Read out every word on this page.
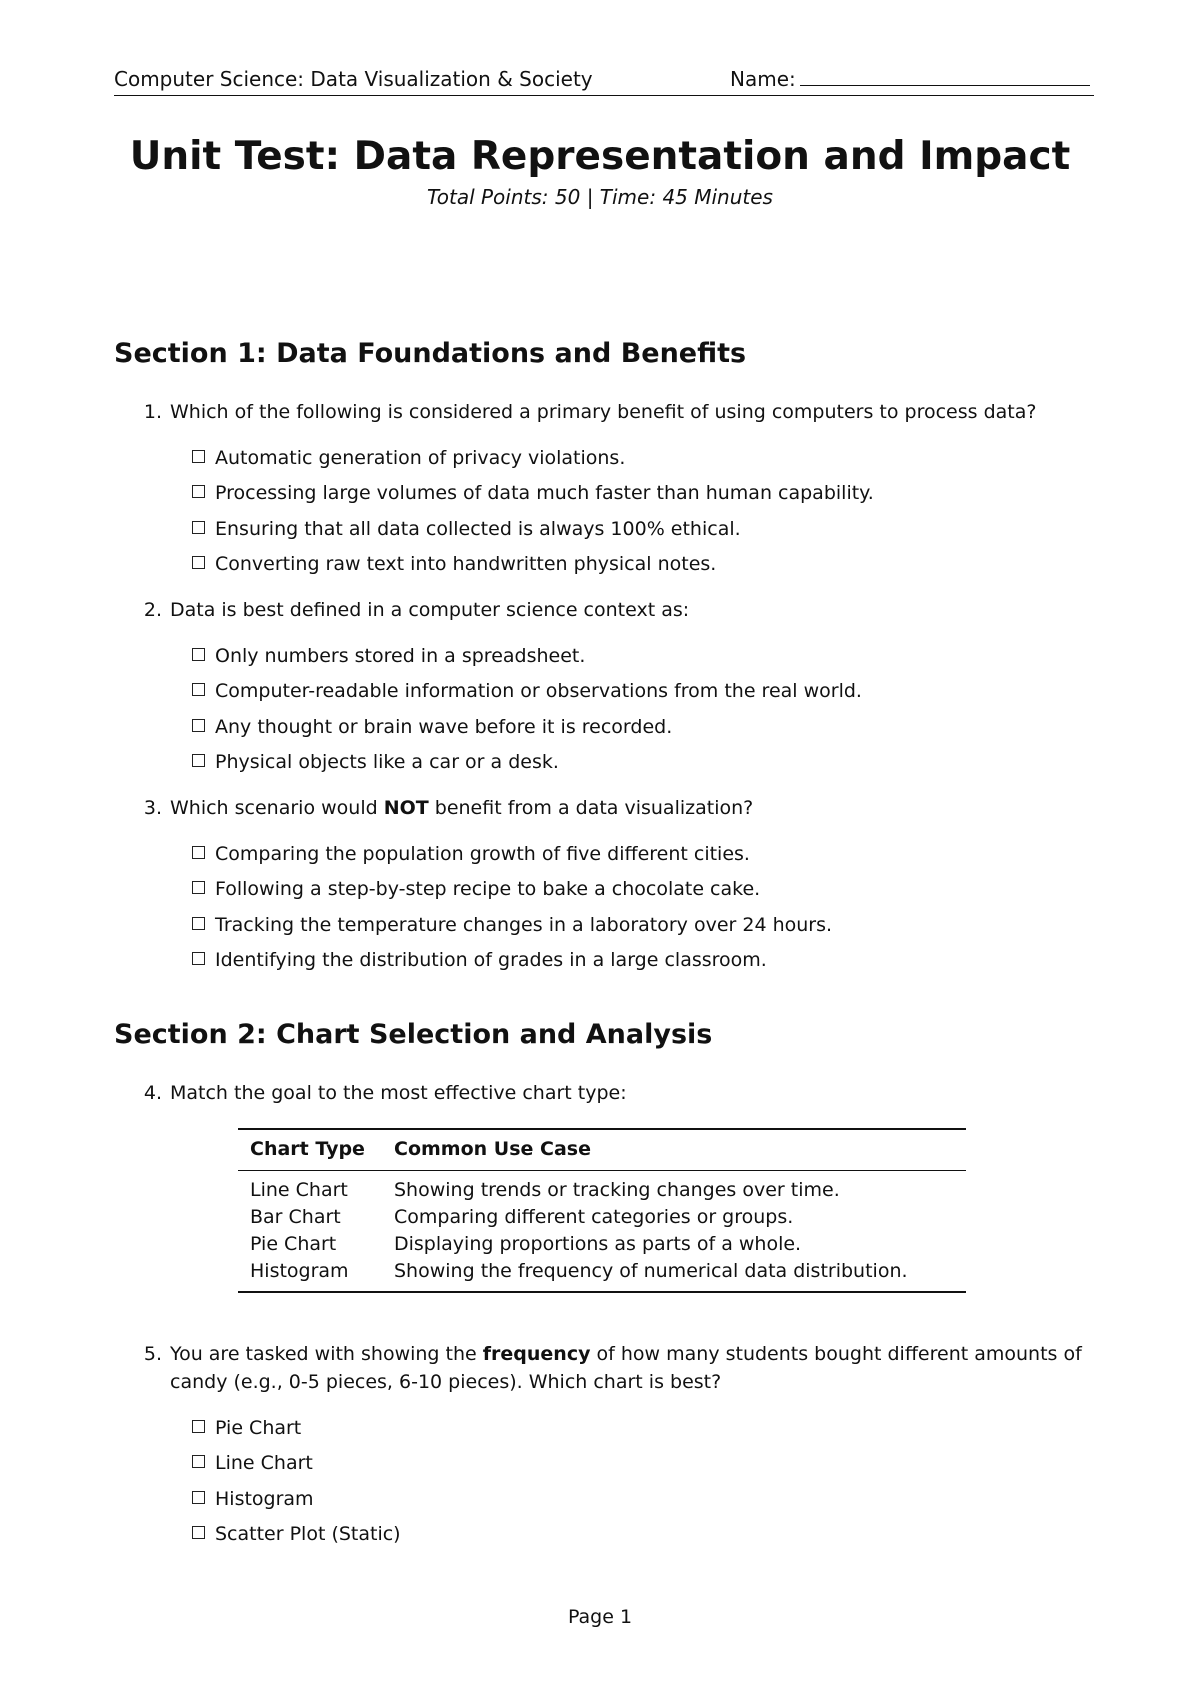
Computer Science: Data Visualization & Society	Name:
Unit Test: Data Representation and Impact
Total Points: 50 | Time: 45 Minutes
Section 1: Data Foundations and Benefits
1. Which of the following is considered a primary benefit of using computers to process data?
Automatic generation of privacy violations.
Processing large volumes of data much faster than human capability.
Ensuring that all data collected is always 100% ethical.
Converting raw text into handwritten physical notes.
2. Data is best defined in a computer science context as:
Only numbers stored in a spreadsheet.
Computer-readable information or observations from the real world.
Any thought or brain wave before it is recorded.
Physical objects like a car or a desk.
3. Which scenario would NOT benefit from a data visualization?
Comparing the population growth of five different cities.
Following a step-by-step recipe to bake a chocolate cake.
Tracking the temperature changes in a laboratory over 24 hours.
Identifying the distribution of grades in a large classroom.
Section 2: Chart Selection and Analysis
4. Match the goal to the most effective chart type:
Chart Type	Common Use Case
Line Chart	Showing trends or tracking changes over time.
Bar Chart	Comparing different categories or groups.
Pie Chart	Displaying proportions as parts of a whole.
Histogram	Showing the frequency of numerical data distribution.
5. You are tasked with showing the frequency of how many students bought different amounts of candy (e.g., 0-5 pieces, 6-10 pieces). Which chart is best?
Pie Chart
Line Chart
Histogram
Scatter Plot (Static)
Page 1
